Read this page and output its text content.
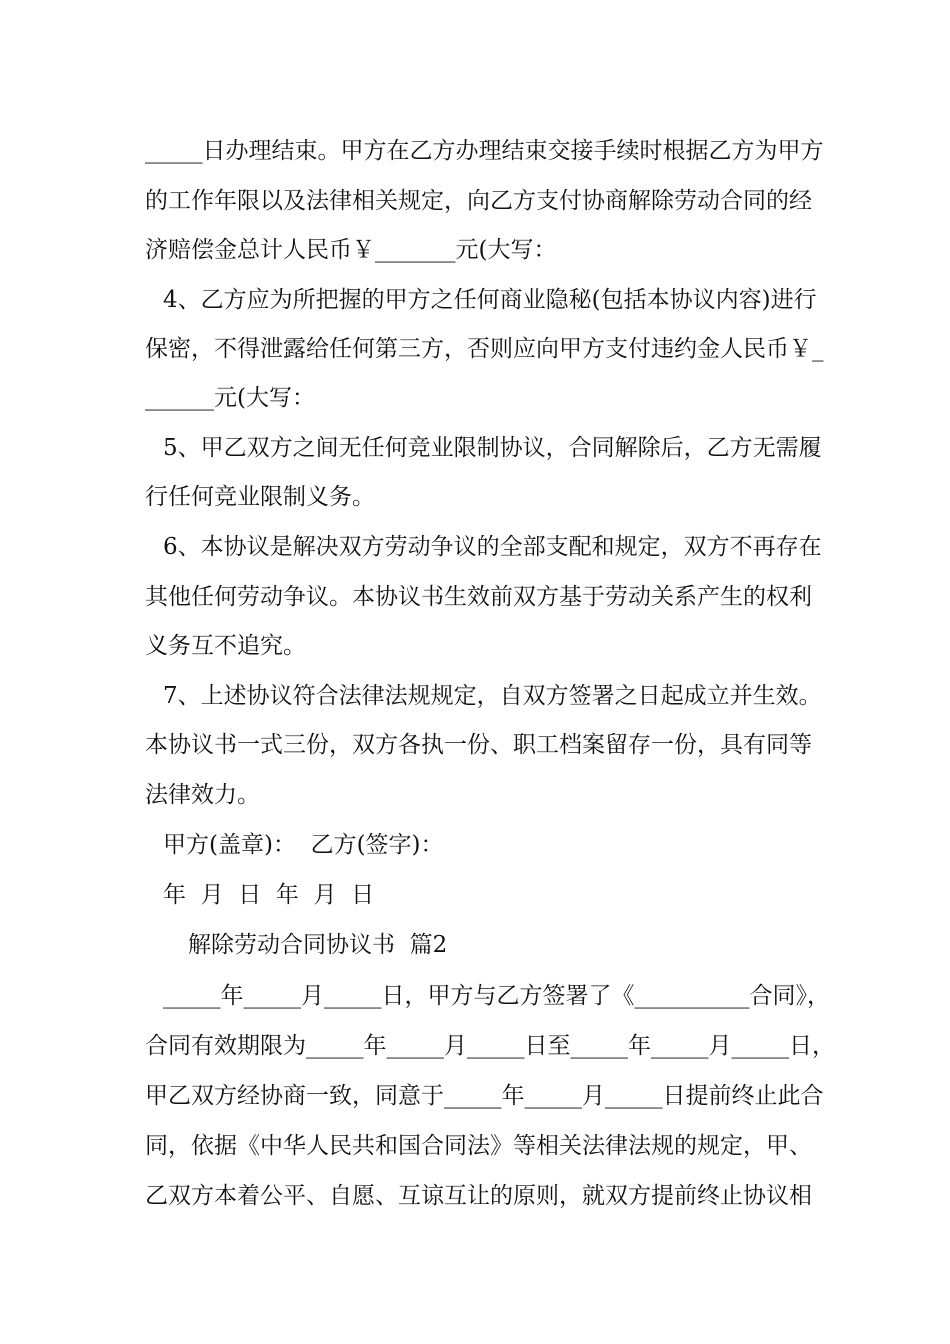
_____日办理结束。甲方在乙方办理结束交接手续时根据乙方为甲方
的工作年限以及法律相关规定，向乙方支付协商解除劳动合同的经
济赔偿金总计人民币￥_______元(大写：
4、乙方应为所把握的甲方之任何商业隐秘(包括本协议内容)进行
保密，不得泄露给任何第三方，否则应向甲方支付违约金人民币￥_
______元(大写：
5、甲乙双方之间无任何竞业限制协议，合同解除后，乙方无需履
行任何竞业限制义务。
6、本协议是解决双方劳动争议的全部支配和规定，双方不再存在
其他任何劳动争议。本协议书生效前双方基于劳动关系产生的权利
义务互不追究。
7、上述协议符合法律法规规定，自双方签署之日起成立并生效。
本协议书一式三份，双方各执一份、职工档案留存一份，具有同等
法律效力。
甲方(盖章)：  乙方(签字)：
年  月  日  年  月  日
解除劳动合同协议书  篇2
_____年_____月_____日，甲方与乙方签署了《__________合同》，
合同有效期限为_____年_____月_____日至_____年_____月_____日，
甲乙双方经协商一致，同意于_____年_____月_____日提前终止此合
同，依据《中华人民共和国合同法》等相关法律法规的规定，甲、
乙双方本着公平、自愿、互谅互让的原则，就双方提前终止协议相
